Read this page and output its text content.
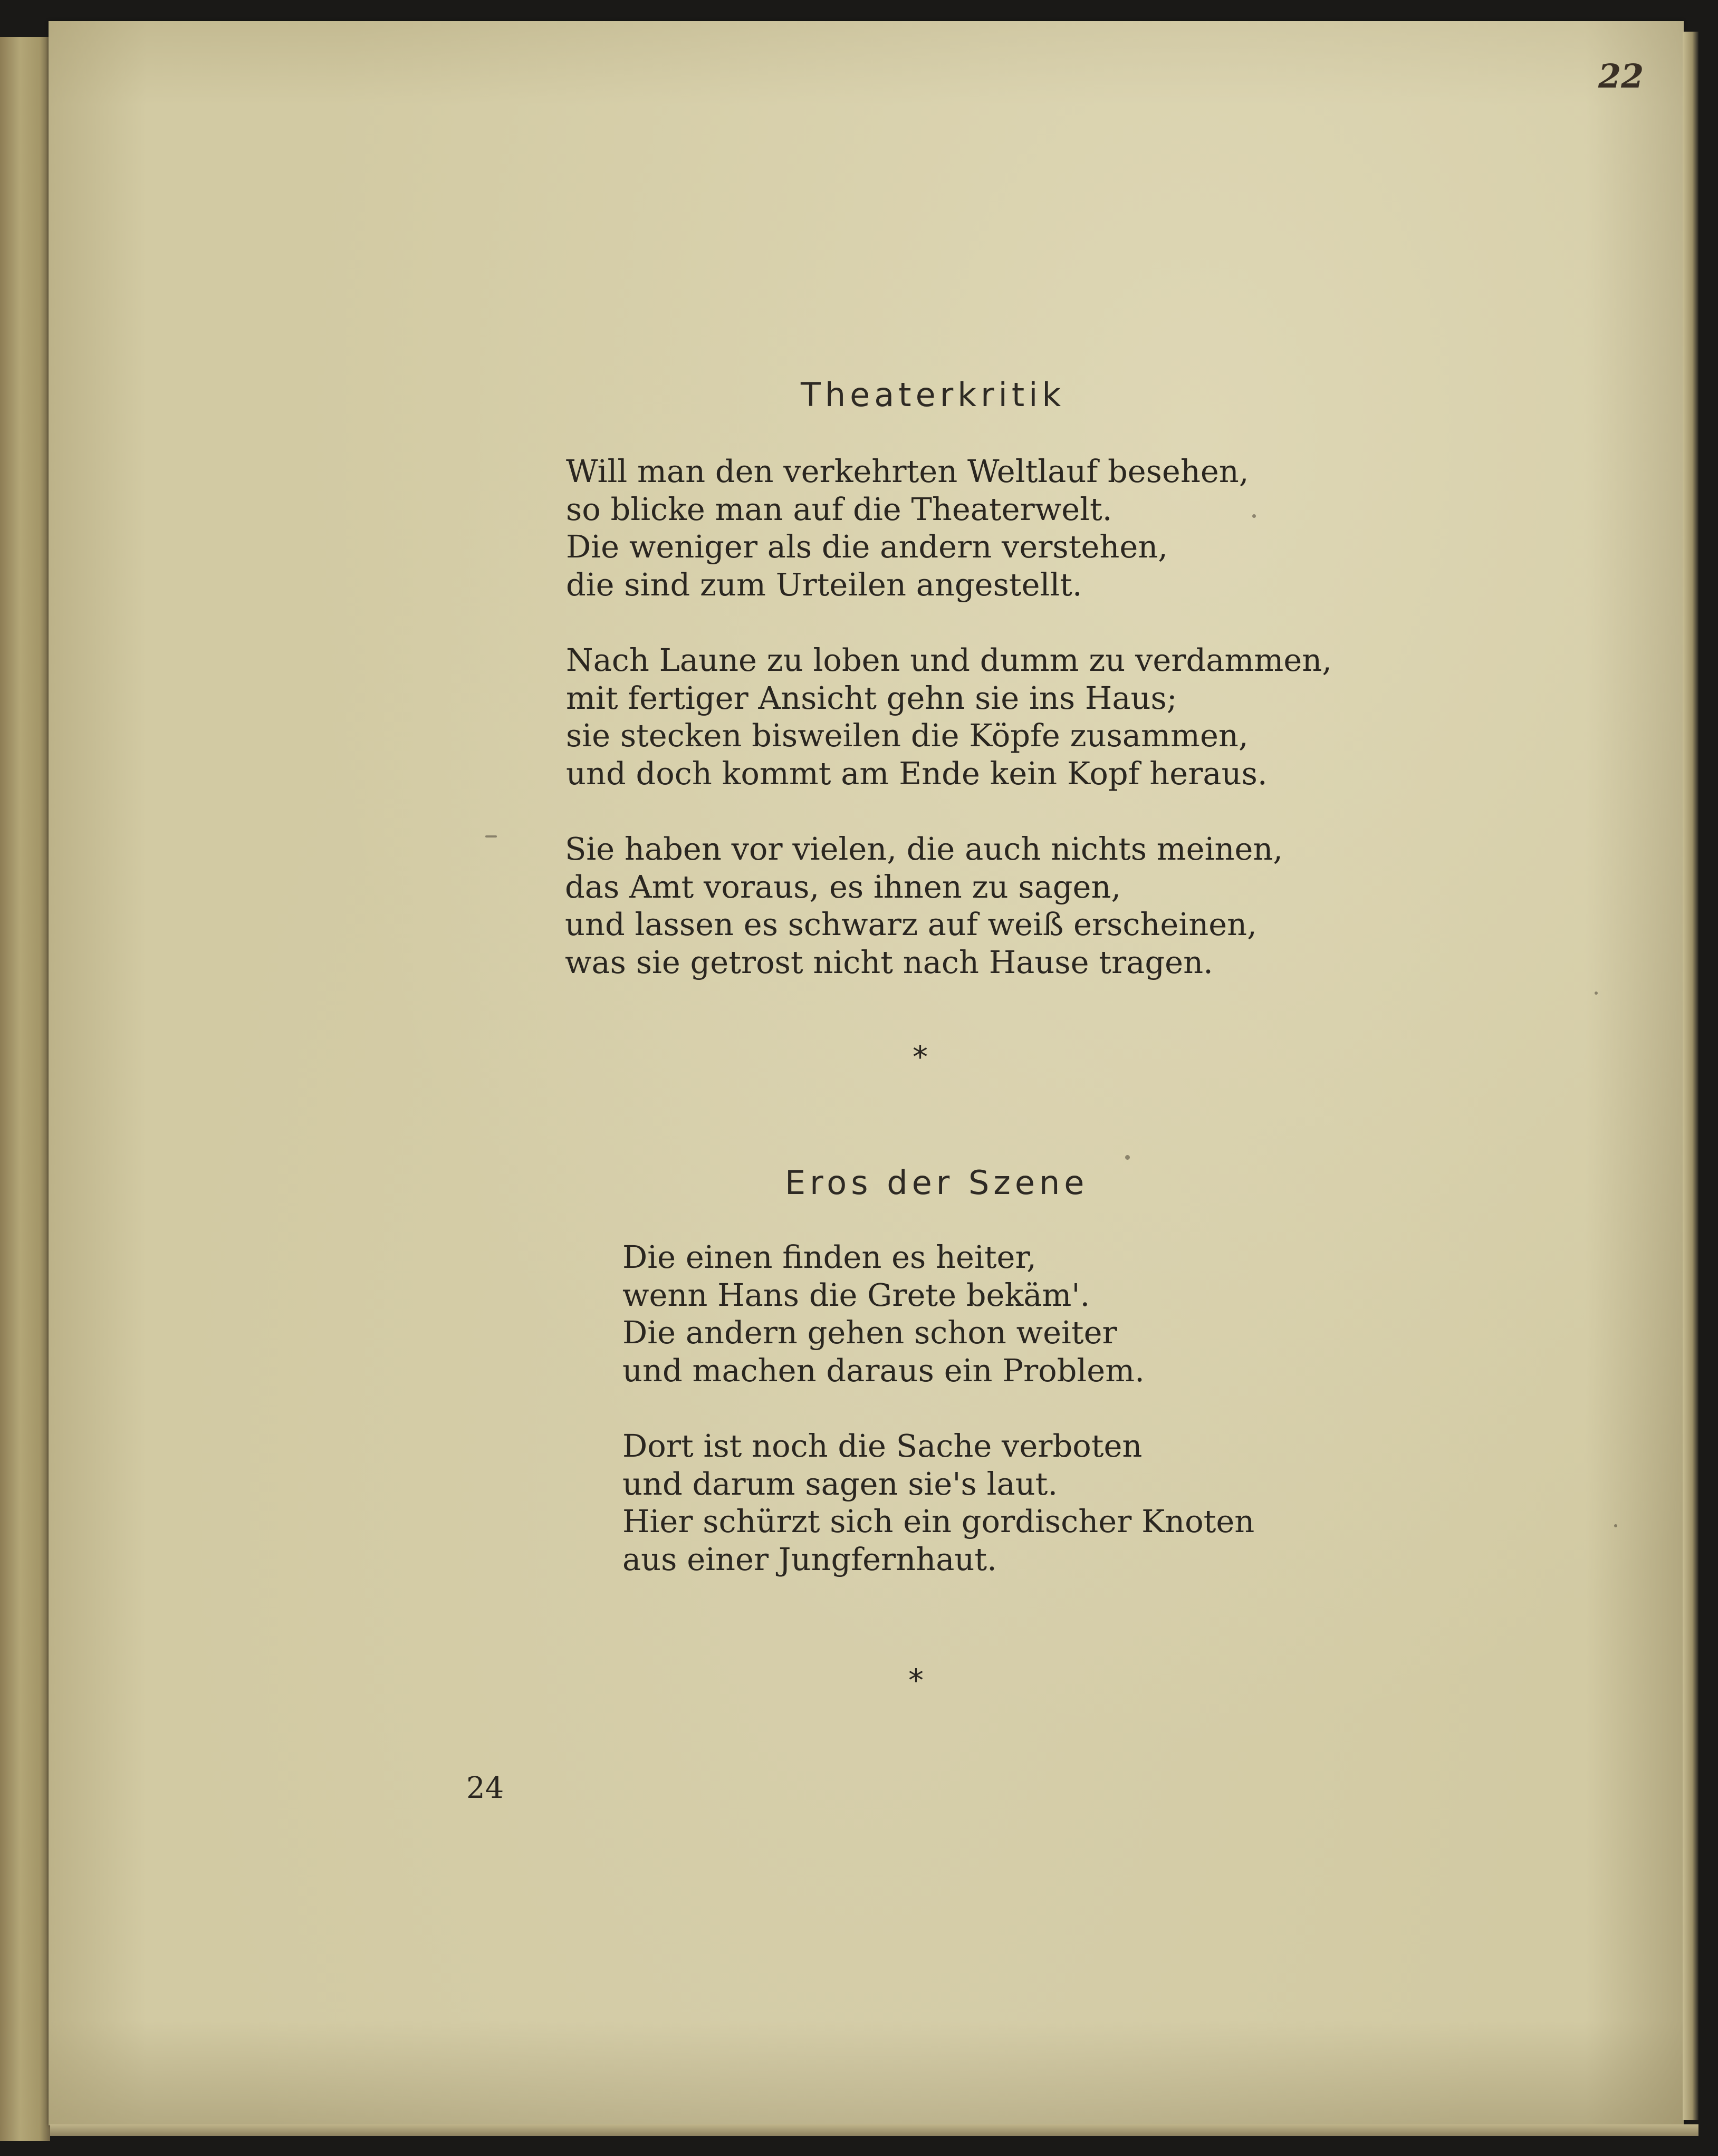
22
Theaterkritik
Will man den verkehrten Weltlauf besehen,
so blicke man auf die Theaterwelt.
Die weniger als die andern verstehen,
die sind zum Urteilen angestellt.
Nach Laune zu loben und dumm zu verdammen,
mit fertiger Ansicht gehn sie ins Haus;
sie stecken bisweilen die Köpfe zusammen,
und doch kommt am Ende kein Kopf heraus.
Sie haben vor vielen, die auch nichts meinen,
das Amt voraus, es ihnen zu sagen,
und lassen es schwarz auf weiß erscheinen,
was sie getrost nicht nach Hause tragen.
*
Eros der Szene
Die einen finden es heiter,
wenn Hans die Grete bekäm'.
Die andern gehen schon weiter
und machen daraus ein Problem.
Dort ist noch die Sache verboten
und darum sagen sie's laut.
Hier schürzt sich ein gordischer Knoten
aus einer Jungfernhaut.
*
24
